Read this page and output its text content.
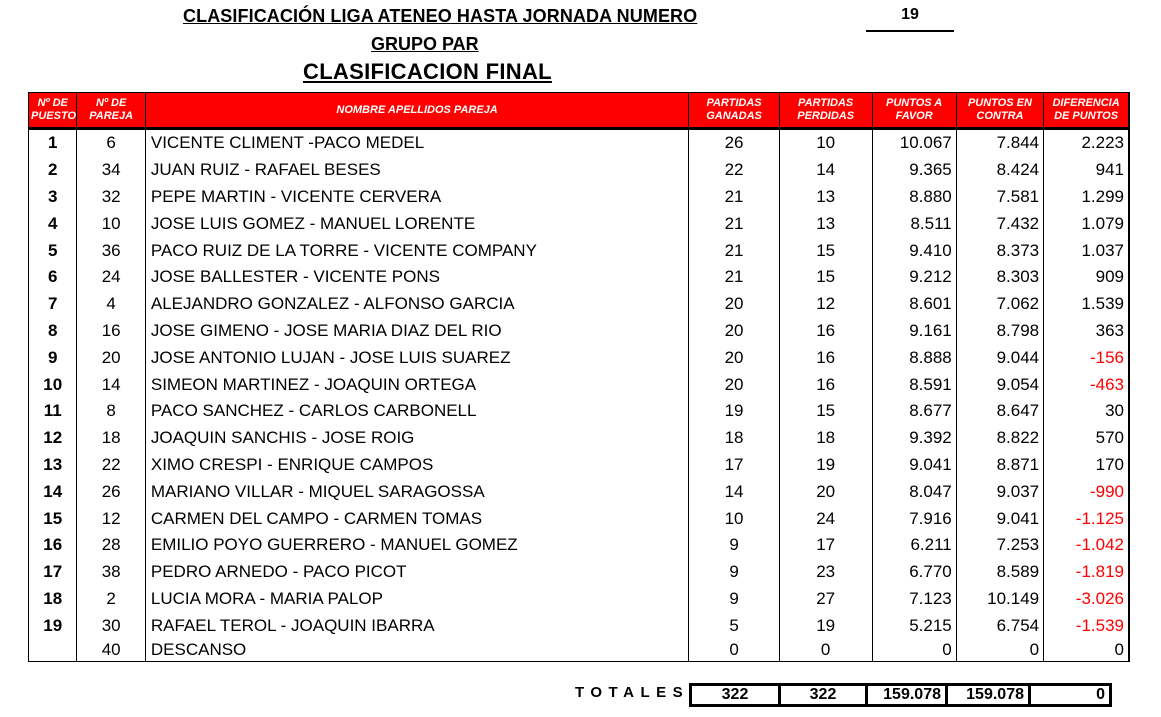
CLASIFICACIÓN LIGA ATENEO HASTA JORNADA NUMERO	19
GRUPO PAR
CLASIFICACION FINAL
Nº DE PUESTO	Nº DE PAREJA	NOMBRE APELLIDOS PAREJA	PARTIDAS GANADAS	PARTIDAS PERDIDAS	PUNTOS A FAVOR	PUNTOS EN CONTRA	DIFERENCIA DE PUNTOS
1	6	VICENTE CLIMENT -PACO MEDEL	26	10	10.067	7.844	2.223
2	34	JUAN RUIZ - RAFAEL BESES	22	14	9.365	8.424	941
3	32	PEPE MARTIN - VICENTE CERVERA	21	13	8.880	7.581	1.299
4	10	JOSE LUIS GOMEZ - MANUEL LORENTE	21	13	8.511	7.432	1.079
5	36	PACO RUIZ DE LA TORRE - VICENTE COMPANY	21	15	9.410	8.373	1.037
6	24	JOSE BALLESTER - VICENTE PONS	21	15	9.212	8.303	909
7	4	ALEJANDRO GONZALEZ - ALFONSO GARCIA	20	12	8.601	7.062	1.539
8	16	JOSE GIMENO - JOSE MARIA DIAZ DEL RIO	20	16	9.161	8.798	363
9	20	JOSE ANTONIO LUJAN - JOSE LUIS SUAREZ	20	16	8.888	9.044	-156
10	14	SIMEON MARTINEZ - JOAQUIN ORTEGA	20	16	8.591	9.054	-463
11	8	PACO SANCHEZ - CARLOS CARBONELL	19	15	8.677	8.647	30
12	18	JOAQUIN SANCHIS - JOSE ROIG	18	18	9.392	8.822	570
13	22	XIMO CRESPI - ENRIQUE CAMPOS	17	19	9.041	8.871	170
14	26	MARIANO VILLAR - MIQUEL SARAGOSSA	14	20	8.047	9.037	-990
15	12	CARMEN DEL CAMPO - CARMEN TOMAS	10	24	7.916	9.041	-1.125
16	28	EMILIO POYO GUERRERO - MANUEL GOMEZ	9	17	6.211	7.253	-1.042
17	38	PEDRO ARNEDO - PACO PICOT	9	23	6.770	8.589	-1.819
18	2	LUCIA MORA - MARIA PALOP	9	27	7.123	10.149	-3.026
19	30	RAFAEL TEROL - JOAQUIN IBARRA	5	19	5.215	6.754	-1.539
	40	DESCANSO	0	0	0	0	0
TOTALES 322	322	159.078	159.078	0
